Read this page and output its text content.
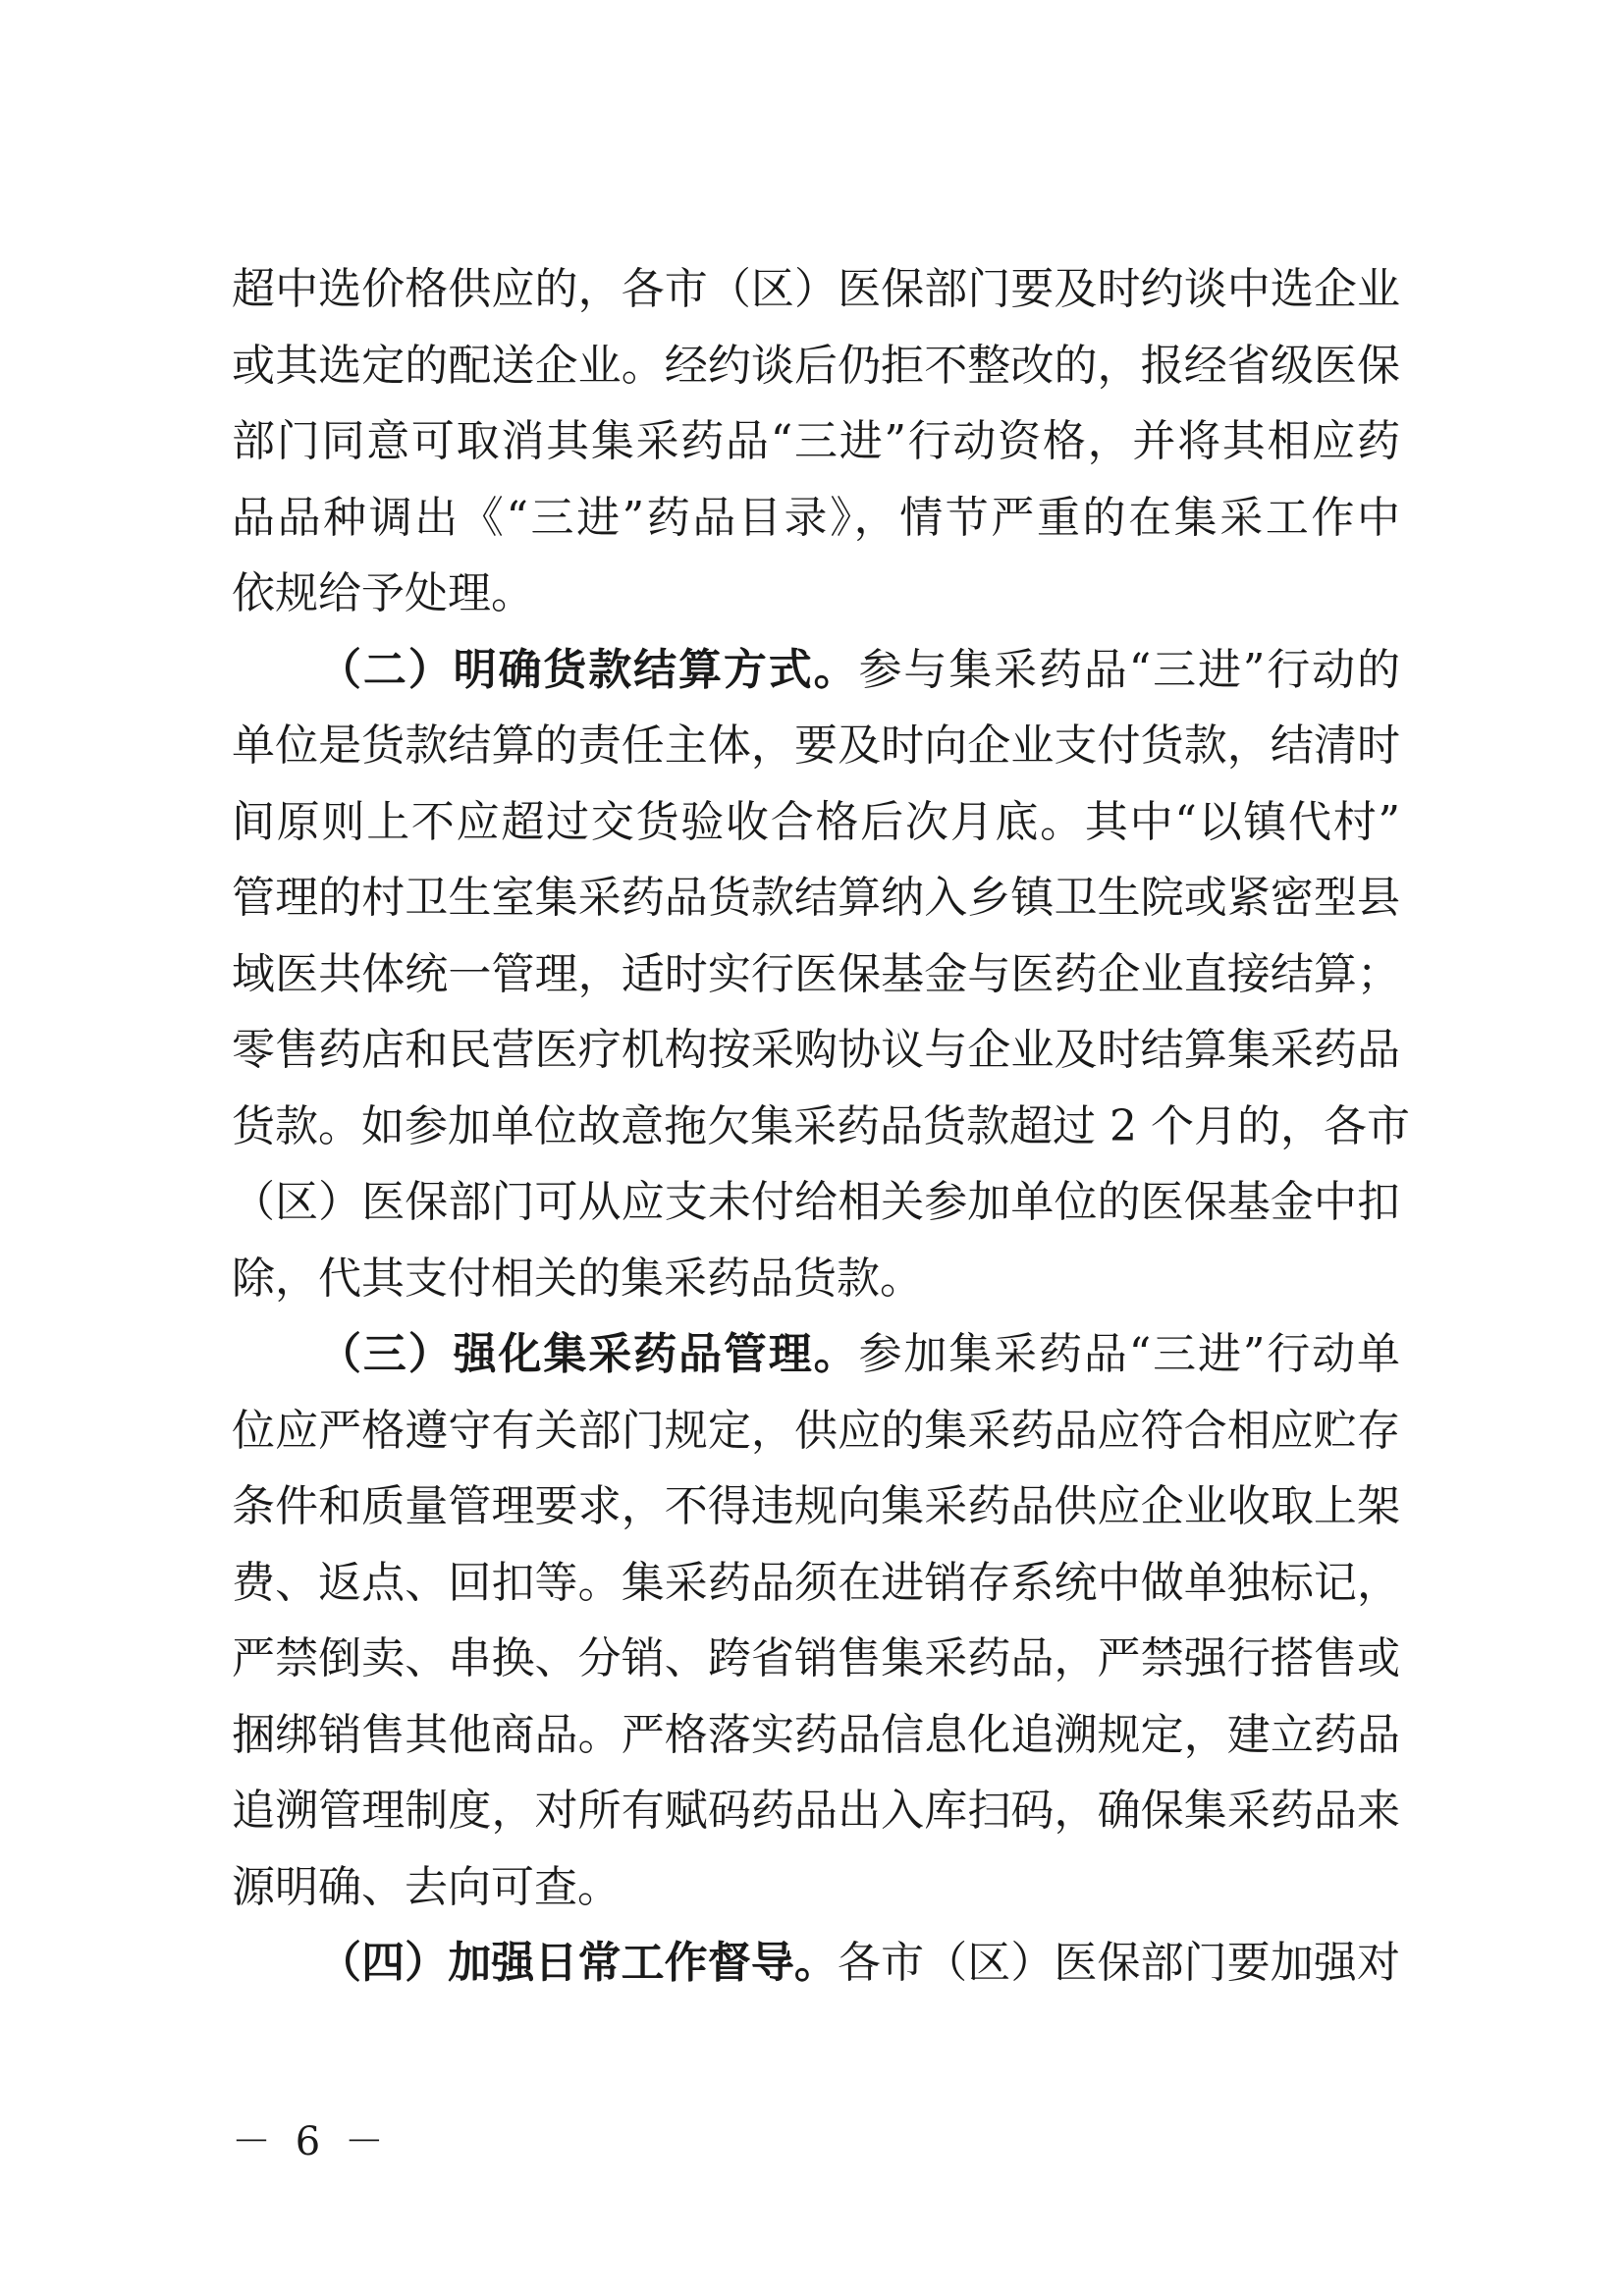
超中选价格供应的，各市（区）医保部门要及时约谈中选企业
或其选定的配送企业。经约谈后仍拒不整改的，报经省级医保
部门同意可取消其集采药品“三进”行动资格，并将其相应药
品品种调出《“三进”药品目录》，情节严重的在集采工作中
依规给予处理。
（二）明确货款结算方式。参与集采药品“三进”行动的
单位是货款结算的责任主体，要及时向企业支付货款，结清时
间原则上不应超过交货验收合格后次月底。其中“以镇代村”
管理的村卫生室集采药品货款结算纳入乡镇卫生院或紧密型县
域医共体统一管理，适时实行医保基金与医药企业直接结算；
零售药店和民营医疗机构按采购协议与企业及时结算集采药品
货款。如参加单位故意拖欠集采药品货款超过 2 个月的，各市
（区）医保部门可从应支未付给相关参加单位的医保基金中扣
除，代其支付相关的集采药品货款。
（三）强化集采药品管理。参加集采药品“三进”行动单
位应严格遵守有关部门规定，供应的集采药品应符合相应贮存
条件和质量管理要求，不得违规向集采药品供应企业收取上架
费、返点、回扣等。集采药品须在进销存系统中做单独标记，
严禁倒卖、串换、分销、跨省销售集采药品，严禁强行搭售或
捆绑销售其他商品。严格落实药品信息化追溯规定，建立药品
追溯管理制度，对所有赋码药品出入库扫码，确保集采药品来
源明确、去向可查。
（四）加强日常工作督导。各市（区）医保部门要加强对
－ 6 －
